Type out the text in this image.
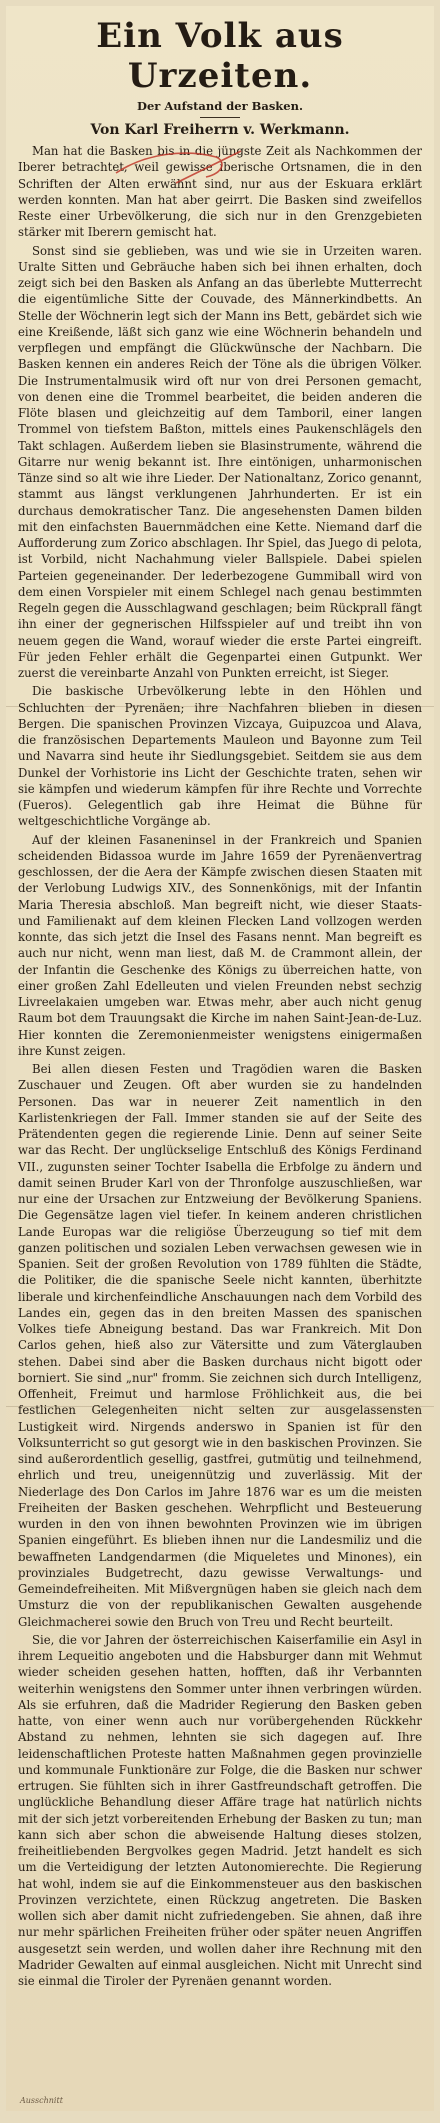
Ein Volk aus Urzeiten.

Der Aufstand der Basken.

Von Karl Freiherrn v. Werkmann.

Man hat die Basken bis in die jüngste Zeit als Nachkommen der Iberer betrachtet, weil gewisse iberische Ortsnamen, die in den Schriften der Alten erwähnt sind, nur aus der Eskuara erklärt werden konnten. Man hat aber geirrt. Die Basken sind zweifellos Reste einer Urbevölkerung, die sich nur in den Grenzgebieten stärker mit Iberern gemischt hat.

Sonst sind sie geblieben, was und wie sie in Urzeiten waren. Uralte Sitten und Gebräuche haben sich bei ihnen erhalten, doch zeigt sich bei den Basken als Anfang an das überlebte Mutterrecht die eigentümliche Sitte der Couvade, des Männerkindbetts. An Stelle der Wöchnerin legt sich der Mann ins Bett, gebärdet sich wie eine Kreißende, läßt sich ganz wie eine Wöchnerin behandeln und verpflegen und empfängt die Glückwünsche der Nachbarn. Die Basken kennen ein anderes Reich der Töne als die übrigen Völker. Die Instrumentalmusik wird oft nur von drei Personen gemacht, von denen eine die Trommel bearbeitet, die beiden anderen die Flöte blasen und gleichzeitig auf dem Tamboril, einer langen Trommel von tiefstem Baßton, mittels eines Paukenschlägels den Takt schlagen. Außerdem lieben sie Blasinstrumente, während die Gitarre nur wenig bekannt ist. Ihre eintönigen, unharmonischen Tänze sind so alt wie ihre Lieder. Der Nationaltanz, Zorico genannt, stammt aus längst verklungenen Jahrhunderten. Er ist ein durchaus demokratischer Tanz. Die angesehensten Damen bilden mit den einfachsten Bauernmädchen eine Kette. Niemand darf die Aufforderung zum Zorico abschlagen. Ihr Spiel, das Juego di pelota, ist Vorbild, nicht Nachahmung vieler Ballspiele. Dabei spielen Parteien gegeneinander. Der lederbezogene Gummiball wird von dem einen Vorspieler mit einem Schlegel nach genau bestimmten Regeln gegen die Ausschlagwand geschlagen; beim Rückprall fängt ihn einer der gegnerischen Hilfsspieler auf und treibt ihn von neuem gegen die Wand, worauf wieder die erste Partei eingreift. Für jeden Fehler erhält die Gegenpartei einen Gutpunkt. Wer zuerst die vereinbarte Anzahl von Punkten erreicht, ist Sieger.

Die baskische Urbevölkerung lebte in den Höhlen und Schluchten der Pyrenäen; ihre Nachfahren blieben in diesen Bergen. Die spanischen Provinzen Vizcaya, Guipuzcoa und Alava, die französischen Departements Mauleon und Bayonne zum Teil und Navarra sind heute ihr Siedlungsgebiet. Seitdem sie aus dem Dunkel der Vorhistorie ins Licht der Geschichte traten, sehen wir sie kämpfen und wiederum kämpfen für ihre Rechte und Vorrechte (Fueros). Gelegentlich gab ihre Heimat die Bühne für weltgeschichtliche Vorgänge ab.

Auf der kleinen Fasaneninsel in der Frankreich und Spanien scheidenden Bidassoa wurde im Jahre 1659 der Pyrenäenvertrag geschlossen, der die Aera der Kämpfe zwischen diesen Staaten mit der Verlobung Ludwigs XIV., des Sonnenkönigs, mit der Infantin Maria Theresia abschloß. Man begreift nicht, wie dieser Staats- und Familienakt auf dem kleinen Flecken Land vollzogen werden konnte, das sich jetzt die Insel des Fasans nennt. Man begreift es auch nur nicht, wenn man liest, daß M. de Crammont allein, der der Infantin die Geschenke des Königs zu überreichen hatte, von einer großen Zahl Edelleuten und vielen Freunden nebst sechzig Livreelakaien umgeben war. Etwas mehr, aber auch nicht genug Raum bot dem Trauungsakt die Kirche im nahen Saint-Jean-de-Luz. Hier konnten die Zeremonienmeister wenigstens einigermaßen ihre Kunst zeigen.

Bei allen diesen Festen und Tragödien waren die Basken Zuschauer und Zeugen. Oft aber wurden sie zu handelnden Personen. Das war in neuerer Zeit namentlich in den Karlistenkriegen der Fall. Immer standen sie auf der Seite des Prätendenten gegen die regierende Linie. Denn auf seiner Seite war das Recht. Der unglückselige Entschluß des Königs Ferdinand VII., zugunsten seiner Tochter Isabella die Erbfolge zu ändern und damit seinen Bruder Karl von der Thronfolge auszuschließen, war nur eine der Ursachen zur Entzweiung der Bevölkerung Spaniens. Die Gegensätze lagen viel tiefer. In keinem anderen christlichen Lande Europas war die religiöse Überzeugung so tief mit dem ganzen politischen und sozialen Leben verwachsen gewesen wie in Spanien. Seit der großen Revolution von 1789 fühlten die Städte, die Politiker, die die spanische Seele nicht kannten, überhitzte liberale und kirchenfeindliche Anschauungen nach dem Vorbild des Landes ein, gegen das in den breiten Massen des spanischen Volkes tiefe Abneigung bestand. Das war Frankreich. Mit Don Carlos gehen, hieß also zur Vätersitte und zum Väterglauben stehen. Dabei sind aber die Basken durchaus nicht bigott oder borniert. Sie sind „nur" fromm. Sie zeichnen sich durch Intelligenz, Offenheit, Freimut und harmlose Fröhlichkeit aus, die bei festlichen Gelegenheiten nicht selten zur ausgelassensten Lustigkeit wird. Nirgends anderswo in Spanien ist für den Volksunterricht so gut gesorgt wie in den baskischen Provinzen. Sie sind außerordentlich gesellig, gastfrei, gutmütig und teilnehmend, ehrlich und treu, uneigennützig und zuverlässig. Mit der Niederlage des Don Carlos im Jahre 1876 war es um die meisten Freiheiten der Basken geschehen. Wehrpflicht und Besteuerung wurden in den von ihnen bewohnten Provinzen wie im übrigen Spanien eingeführt. Es blieben ihnen nur die Landesmiliz und die bewaffneten Landgendarmen (die Miqueletes und Minones), ein provinziales Budgetrecht, dazu gewisse Verwaltungs- und Gemeindefreiheiten. Mit Mißvergnügen haben sie gleich nach dem Umsturz die von der republikanischen Gewalten ausgehende Gleichmacherei sowie den Bruch von Treu und Recht beurteilt.

Sie, die vor Jahren der österreichischen Kaiserfamilie ein Asyl in ihrem Lequeitio angeboten und die Habsburger dann mit Wehmut wieder scheiden gesehen hatten, hofften, daß ihr Verbannten weiterhin wenigstens den Sommer unter ihnen verbringen würden. Als sie erfuhren, daß die Madrider Regierung den Basken geben hatte, von einer wenn auch nur vorübergehenden Rückkehr Abstand zu nehmen, lehnten sie sich dagegen auf. Ihre leidenschaftlichen Proteste hatten Maßnahmen gegen provinzielle und kommunale Funktionäre zur Folge, die die Basken nur schwer ertrugen. Sie fühlten sich in ihrer Gastfreundschaft getroffen. Die unglückliche Behandlung dieser Affäre trage hat natürlich nichts mit der sich jetzt vorbereitenden Erhebung der Basken zu tun; man kann sich aber schon die abweisende Haltung dieses stolzen, freiheitliebenden Bergvolkes gegen Madrid. Jetzt handelt es sich um die Verteidigung der letzten Autonomierechte. Die Regierung hat wohl, indem sie auf die Einkommensteuer aus den baskischen Provinzen verzichtete, einen Rückzug angetreten. Die Basken wollen sich aber damit nicht zufriedengeben. Sie ahnen, daß ihre nur mehr spärlichen Freiheiten früher oder später neuen Angriffen ausgesetzt sein werden, und wollen daher ihre Rechnung mit den Madrider Gewalten auf einmal ausgleichen. Nicht mit Unrecht sind sie einmal die Tiroler der Pyrenäen genannt worden.

Ausschnitt
